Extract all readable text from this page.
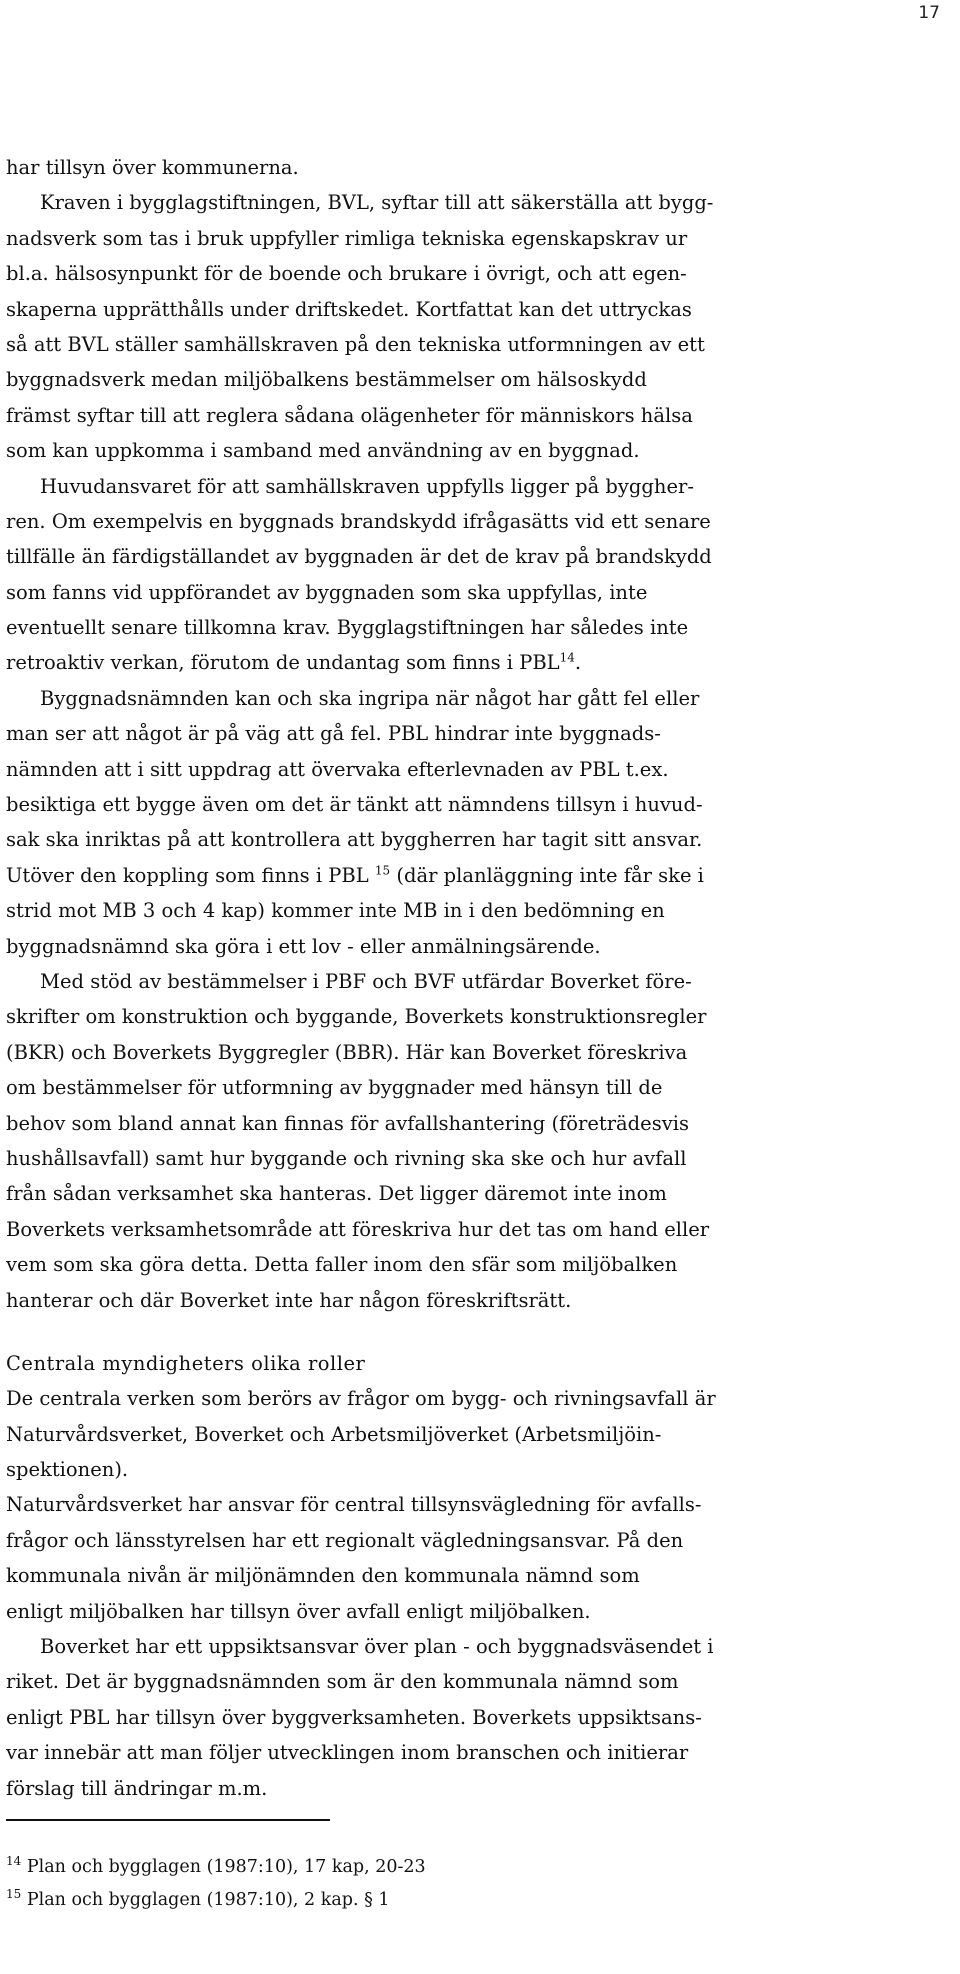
17
har tillsyn över kommunerna.
Kraven i bygglagstiftningen, BVL, syftar till att säkerställa att bygg-
nadsverk som tas i bruk uppfyller rimliga tekniska egenskapskrav ur
bl.a. hälsosynpunkt för de boende och brukare i övrigt, och att egen-
skaperna upprätthålls under driftskedet. Kortfattat kan det uttryckas
så att BVL ställer samhällskraven på den tekniska utformningen av ett
byggnadsverk medan miljöbalkens bestämmelser om hälsoskydd
främst syftar till att reglera sådana olägenheter för människors hälsa
som kan uppkomma i samband med användning av en byggnad.
Huvudansvaret för att samhällskraven uppfylls ligger på byggher-
ren. Om exempelvis en byggnads brandskydd ifrågasätts vid ett senare
tillfälle än färdigställandet av byggnaden är det de krav på brandskydd
som fanns vid uppförandet av byggnaden som ska uppfyllas, inte
eventuellt senare tillkomna krav. Bygglagstiftningen har således inte
retroaktiv verkan, förutom de undantag som finns i PBL$^{14}$.
Byggnadsnämnden kan och ska ingripa när något har gått fel eller
man ser att något är på väg att gå fel. PBL hindrar inte byggnads-
nämnden att i sitt uppdrag att övervaka efterlevnaden av PBL t.ex.
besiktiga ett bygge även om det är tänkt att nämndens tillsyn i huvud-
sak ska inriktas på att kontrollera att byggherren har tagit sitt ansvar.
Utöver den koppling som finns i PBL $^{15}$ (där planläggning inte får ske i
strid mot MB 3 och 4 kap) kommer inte MB in i den bedömning en
byggnadsnämnd ska göra i ett lov - eller anmälningsärende.
Med stöd av bestämmelser i PBF och BVF utfärdar Boverket före-
skrifter om konstruktion och byggande, Boverkets konstruktionsregler
(BKR) och Boverkets Byggregler (BBR). Här kan Boverket föreskriva
om bestämmelser för utformning av byggnader med hänsyn till de
behov som bland annat kan finnas för avfallshantering (företrädesvis
hushållsavfall) samt hur byggande och rivning ska ske och hur avfall
från sådan verksamhet ska hanteras. Det ligger däremot inte inom
Boverkets verksamhetsområde att föreskriva hur det tas om hand eller
vem som ska göra detta. Detta faller inom den sfär som miljöbalken
hanterar och där Boverket inte har någon föreskriftsrätt.
Centrala myndigheters olika roller
De centrala verken som berörs av frågor om bygg- och rivningsavfall är
Naturvårdsverket, Boverket och Arbetsmiljöverket (Arbetsmiljöin-
spektionen).
Naturvårdsverket har ansvar för central tillsynsvägledning för avfalls-
frågor och länsstyrelsen har ett regionalt vägledningsansvar. På den
kommunala nivån är miljönämnden den kommunala nämnd som
enligt miljöbalken har tillsyn över avfall enligt miljöbalken.
Boverket har ett uppsiktsansvar över plan - och byggnadsväsendet i
riket. Det är byggnadsnämnden som är den kommunala nämnd som
enligt PBL har tillsyn över byggverksamheten. Boverkets uppsiktsans-
var innebär att man följer utvecklingen inom branschen och initierar
förslag till ändringar m.m.
$^{14}$ Plan och bygglagen (1987:10), 17 kap, 20-23
$^{15}$ Plan och bygglagen (1987:10), 2 kap. § 1
